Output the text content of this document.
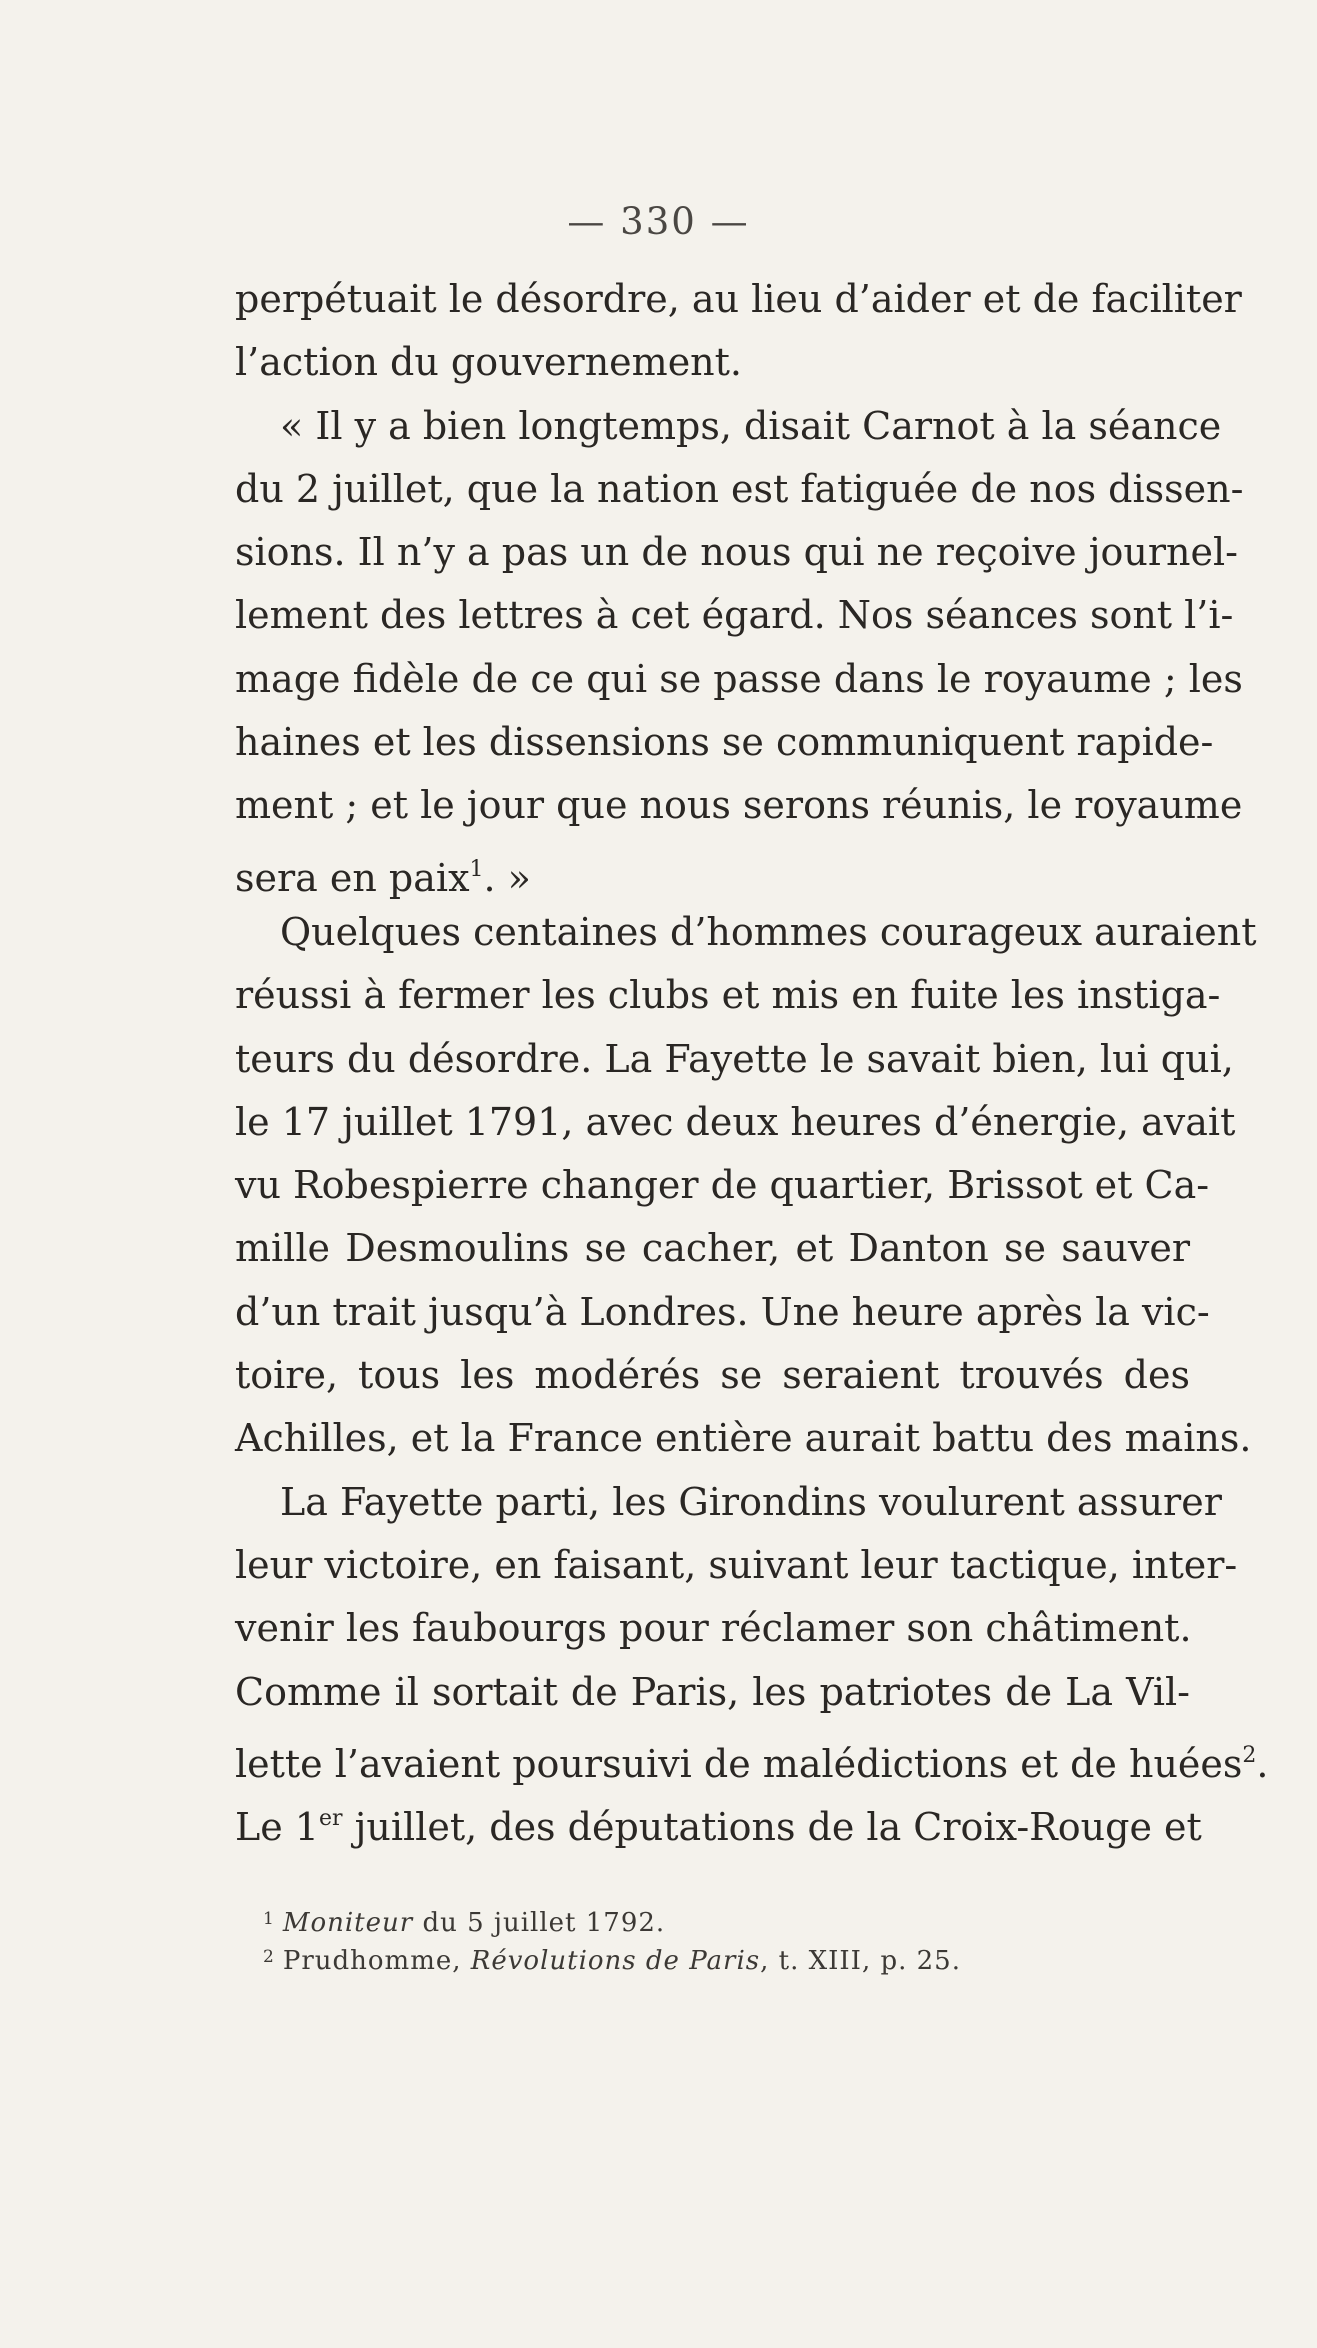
— 330 —
perpétuait le désordre, au lieu d’aider et de faciliter
l’action du gouvernement.
« Il y a bien longtemps, disait Carnot à la séance
du 2 juillet, que la nation est fatiguée de nos dissen-
sions. Il n’y a pas un de nous qui ne reçoive journel-
lement des lettres à cet égard. Nos séances sont l’i-
mage fidèle de ce qui se passe dans le royaume ; les
haines et les dissensions se communiquent rapide-
ment ; et le jour que nous serons réunis, le royaume
sera en paix$^1$. »
Quelques centaines d’hommes courageux auraient
réussi à fermer les clubs et mis en fuite les instiga-
teurs du désordre. La Fayette le savait bien, lui qui,
le 17 juillet 1791, avec deux heures d’énergie, avait
vu Robespierre changer de quartier, Brissot et Ca-
mille Desmoulins se cacher, et Danton se sauver
d’un trait jusqu’à Londres. Une heure après la vic-
toire, tous les modérés se seraient trouvés des
Achilles, et la France entière aurait battu des mains.
La Fayette parti, les Girondins voulurent assurer
leur victoire, en faisant, suivant leur tactique, inter-
venir les faubourgs pour réclamer son châtiment.
Comme il sortait de Paris, les patriotes de La Vil-
lette l’avaient poursuivi de malédictions et de huées$^2$.
Le 1er juillet, des députations de la Croix-Rouge et
$^1$ Moniteur du 5 juillet 1792.
$^2$ Prudhomme, Révolutions de Paris, t. XIII, p. 25.
